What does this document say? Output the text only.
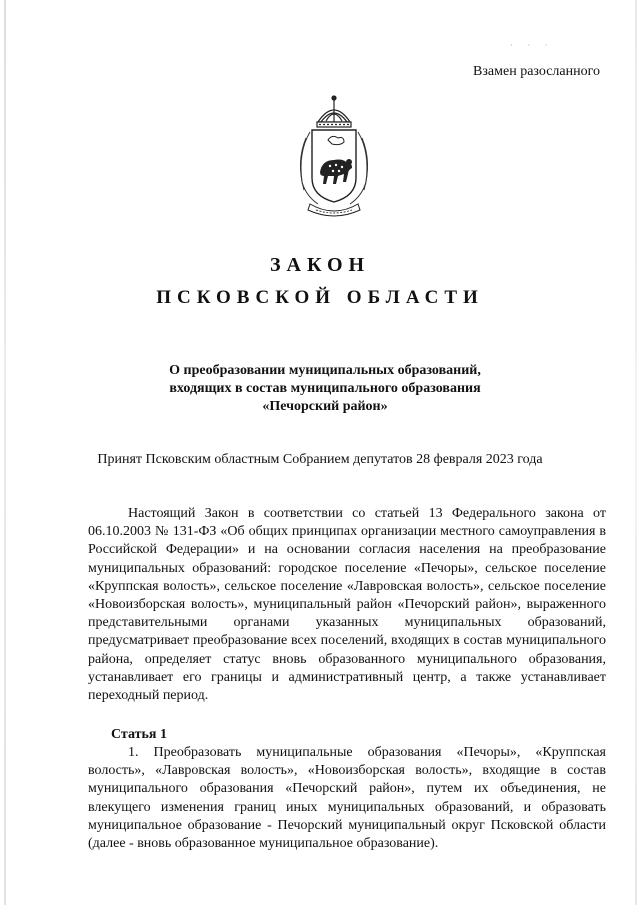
· · ·
Взамен разосланного
ЗАКОН
ПСКОВСКОЙ ОБЛАСТИ
О преобразовании муниципальных образований,
входящих в состав муниципального образования
«Печорский район»
Принят Псковским областным Собранием депутатов 28 февраля 2023 года
Настоящий Закон в соответствии со статьей 13 Федерального закона от 06.10.2003 № 131-ФЗ «Об общих принципах организации местного самоуправления в Российской Федерации» и на основании согласия населения на преобразование муниципальных образований: городское поселение «Печоры», сельское поселение «Круппская волость», сельское поселение «Лавровская волость», сельское поселение «Новоизборская волость», муниципальный район «Печорский район», выраженного представительными органами указанных муниципальных образований, предусматривает преобразование всех поселений, входящих в состав муниципального района, определяет статус вновь образованного муниципального образования, устанавливает его границы и административный центр, а также устанавливает переходный период.
Статья 1
1. Преобразовать муниципальные образования «Печоры», «Круппская волость», «Лавровская волость», «Новоизборская волость», входящие в состав муниципального образования «Печорский район», путем их объединения, не влекущего изменения границ иных муниципальных образований, и образовать муниципальное образование - Печорский муниципальный округ Псковской области (далее - вновь образованное муниципальное образование).
